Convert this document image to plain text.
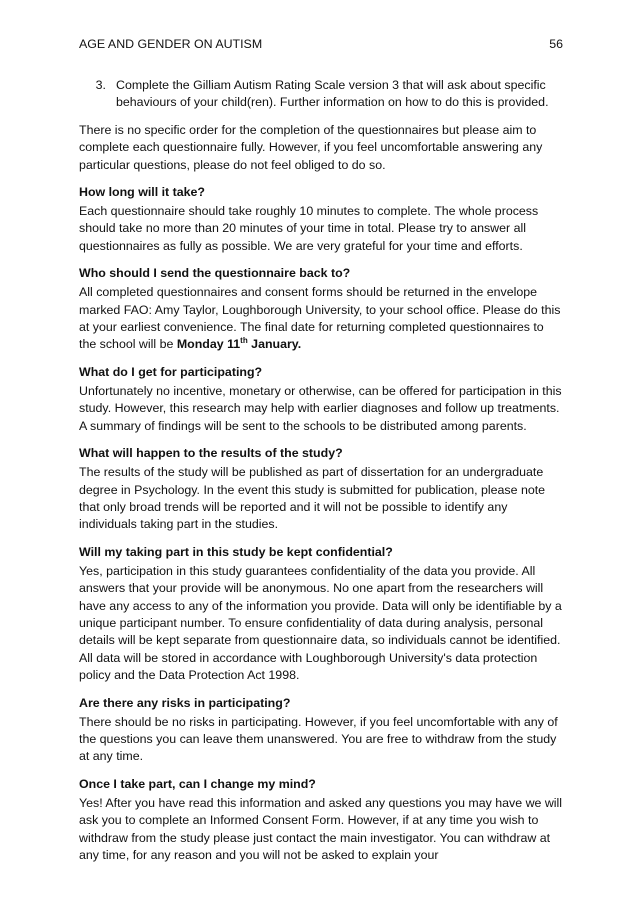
AGE AND GENDER ON AUTISM	56
3. Complete the Gilliam Autism Rating Scale version 3 that will ask about specific behaviours of your child(ren). Further information on how to do this is provided.

There is no specific order for the completion of the questionnaires but please aim to complete each questionnaire fully. However, if you feel uncomfortable answering any particular questions, please do not feel obliged to do so.

How long will it take?

Each questionnaire should take roughly 10 minutes to complete. The whole process should take no more than 20 minutes of your time in total. Please try to answer all questionnaires as fully as possible. We are very grateful for your time and efforts.

Who should I send the questionnaire back to?

All completed questionnaires and consent forms should be returned in the envelope marked FAO: Amy Taylor, Loughborough University, to your school office. Please do this at your earliest convenience. The final date for returning completed questionnaires to the school will be Monday 11th January.

What do I get for participating?

Unfortunately no incentive, monetary or otherwise, can be offered for participation in this study. However, this research may help with earlier diagnoses and follow up treatments. A summary of findings will be sent to the schools to be distributed among parents.

What will happen to the results of the study?

The results of the study will be published as part of dissertation for an undergraduate degree in Psychology. In the event this study is submitted for publication, please note that only broad trends will be reported and it will not be possible to identify any individuals taking part in the studies.

Will my taking part in this study be kept confidential?

Yes, participation in this study guarantees confidentiality of the data you provide. All answers that your provide will be anonymous. No one apart from the researchers will have any access to any of the information you provide. Data will only be identifiable by a unique participant number. To ensure confidentiality of data during analysis, personal details will be kept separate from questionnaire data, so individuals cannot be identified. All data will be stored in accordance with Loughborough University's data protection policy and the Data Protection Act 1998.

Are there any risks in participating?

There should be no risks in participating. However, if you feel uncomfortable with any of the questions you can leave them unanswered. You are free to withdraw from the study at any time.

Once I take part, can I change my mind?

Yes! After you have read this information and asked any questions you may have we will ask you to complete an Informed Consent Form. However, if at any time you wish to withdraw from the study please just contact the main investigator. You can withdraw at any time, for any reason and you will not be asked to explain your
